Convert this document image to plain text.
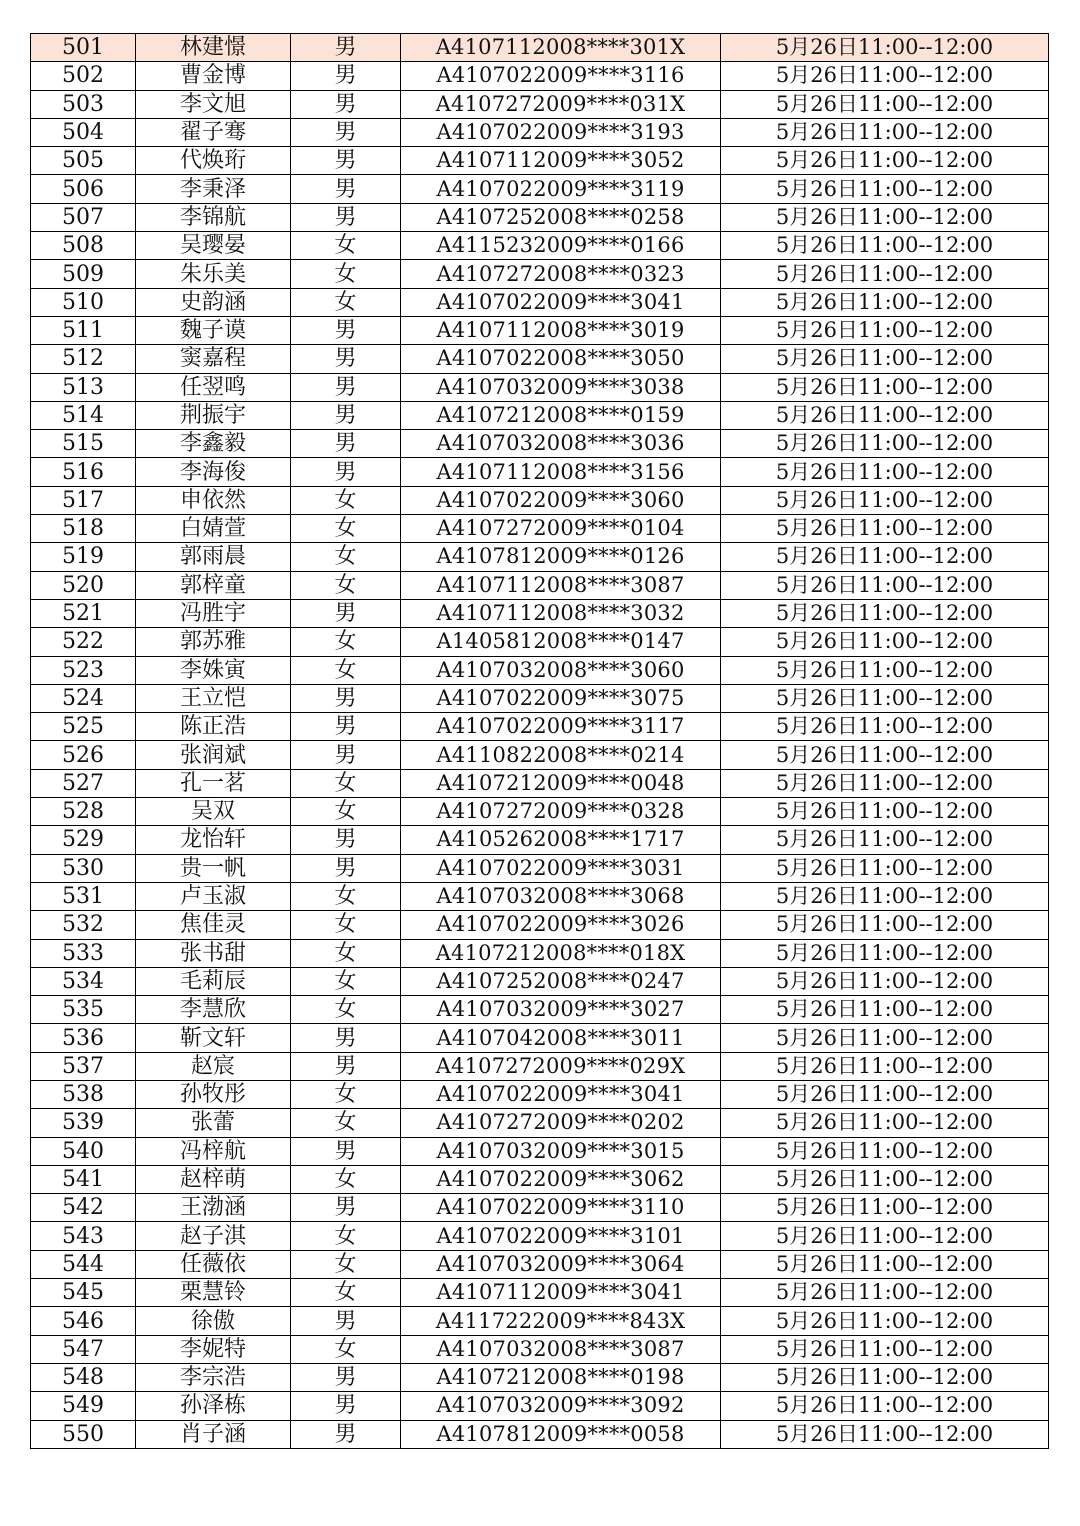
501	林建憬	男	A4107112008****301X	5月26日11:00--12:00
502	曹金博	男	A4107022009****3116	5月26日11:00--12:00
503	李文旭	男	A4107272009****031X	5月26日11:00--12:00
504	翟子骞	男	A4107022009****3193	5月26日11:00--12:00
505	代焕珩	男	A4107112009****3052	5月26日11:00--12:00
506	李秉泽	男	A4107022009****3119	5月26日11:00--12:00
507	李锦航	男	A4107252008****0258	5月26日11:00--12:00
508	吴璎晏	女	A4115232009****0166	5月26日11:00--12:00
509	朱乐美	女	A4107272008****0323	5月26日11:00--12:00
510	史韵涵	女	A4107022009****3041	5月26日11:00--12:00
511	魏子谟	男	A4107112008****3019	5月26日11:00--12:00
512	窦嘉程	男	A4107022008****3050	5月26日11:00--12:00
513	任翌鸣	男	A4107032009****3038	5月26日11:00--12:00
514	荆振宇	男	A4107212008****0159	5月26日11:00--12:00
515	李鑫毅	男	A4107032008****3036	5月26日11:00--12:00
516	李海俊	男	A4107112008****3156	5月26日11:00--12:00
517	申依然	女	A4107022009****3060	5月26日11:00--12:00
518	白婧萱	女	A4107272009****0104	5月26日11:00--12:00
519	郭雨晨	女	A4107812009****0126	5月26日11:00--12:00
520	郭梓童	女	A4107112008****3087	5月26日11:00--12:00
521	冯胜宇	男	A4107112008****3032	5月26日11:00--12:00
522	郭苏雅	女	A1405812008****0147	5月26日11:00--12:00
523	李姝寅	女	A4107032008****3060	5月26日11:00--12:00
524	王立恺	男	A4107022009****3075	5月26日11:00--12:00
525	陈正浩	男	A4107022009****3117	5月26日11:00--12:00
526	张润斌	男	A4110822008****0214	5月26日11:00--12:00
527	孔一茗	女	A4107212009****0048	5月26日11:00--12:00
528	吴双	女	A4107272009****0328	5月26日11:00--12:00
529	龙怡轩	男	A4105262008****1717	5月26日11:00--12:00
530	贵一帆	男	A4107022009****3031	5月26日11:00--12:00
531	卢玉淑	女	A4107032008****3068	5月26日11:00--12:00
532	焦佳灵	女	A4107022009****3026	5月26日11:00--12:00
533	张书甜	女	A4107212008****018X	5月26日11:00--12:00
534	毛莉辰	女	A4107252008****0247	5月26日11:00--12:00
535	李慧欣	女	A4107032009****3027	5月26日11:00--12:00
536	靳文轩	男	A4107042008****3011	5月26日11:00--12:00
537	赵宸	男	A4107272009****029X	5月26日11:00--12:00
538	孙牧彤	女	A4107022009****3041	5月26日11:00--12:00
539	张蕾	女	A4107272009****0202	5月26日11:00--12:00
540	冯梓航	男	A4107032009****3015	5月26日11:00--12:00
541	赵梓萌	女	A4107022009****3062	5月26日11:00--12:00
542	王渤涵	男	A4107022009****3110	5月26日11:00--12:00
543	赵子淇	女	A4107022009****3101	5月26日11:00--12:00
544	任薇依	女	A4107032009****3064	5月26日11:00--12:00
545	栗慧铃	女	A4107112009****3041	5月26日11:00--12:00
546	徐傲	男	A4117222009****843X	5月26日11:00--12:00
547	李妮特	女	A4107032008****3087	5月26日11:00--12:00
548	李宗浩	男	A4107212008****0198	5月26日11:00--12:00
549	孙泽栋	男	A4107032009****3092	5月26日11:00--12:00
550	肖子涵	男	A4107812009****0058	5月26日11:00--12:00
